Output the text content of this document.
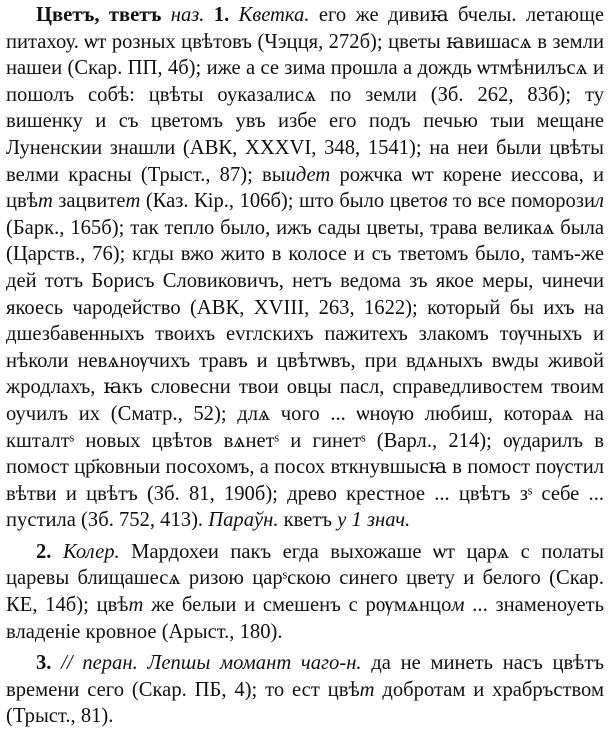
Цветъ, тветъ наз. 1. Кветка. его же дивиꙗ бчелы. летающе питахоу. ѡт розных цвѣтовъ (Чэцця, 272б); цветы ꙗвишасѧ в земли нашеи (Скар. ПП, 4б); иже а се зима прошла а дождь ѡтмѣнилъсѧ и пошолъ собѣ: цвѣты оуказалисѧ по земли (Зб. 262, 83б); ту вишенку и съ цветомъ увъ избе его подъ печью тыи мещане Луненскии знашли (АВК, XXXVI, 348, 1541); на неи были цвѣты велми красны (Трыст., 87); выидет рожчка ѡт корене иессова, и цвѣт зацвитет (Каз. Кір., 106б); што было цветов то все поморозил (Барк., 165б); так тепло было, ижъ сады цветы, трава великаѧ была (Царств., 76); кгды вжо жито в колосе и съ тветомъ было, тамъ-же дей тотъ Борисъ Словиковичъ, нетъ ведома зъ якое меры, чинечи якоесь чародейство (АВК, XVIII, 263, 1622); который бы ихъ на дшезбавенныхъ твоихъ еvглскихъ пажитехъ злакомъ тѹчныхъ и нѣколи невѧнѹчихъ травъ и цвѣтѡвъ, при вдѧныхъ вѡды живой жродлахъ, ꙗкъ словесни твои овцы пасл, справедливостем твоим оучилъ их (Сматр., 52); длѧ чого ... ѡнѹю любиш, котораѧ на кшталтˢ новых цвѣтов вѧнетˢ и гинетˢ (Варл., 214); ѹдарилъ в помост цр҃ковныи посохомъ, а посох вткнувшысꙗ в помост пѹстил вѣтви и цвѣтъ (Зб. 81, 190б); древо крестное ... цвѣтъ зˢ себе ... пустила (Зб. 752, 413). Параўн. кветъ у 1 знач.

2. Колер. Мардохеи пакъ егда выхожаше ѡт царѧ с полаты царевы блищашесѧ ризою царˢскою синего цвету и белого (Скар. КЕ, 14б); цвѣт же белыи и смешенъ с рѹмѧнцом ... знаменоуеть владеніе кровное (Арыст., 180).

3. // перан. Лепшы момант чаго-н. да не минеть насъ цвѣтъ времени сего (Скар. ПБ, 4); то ест цвѣт добротам и храбръством (Трыст., 81).
